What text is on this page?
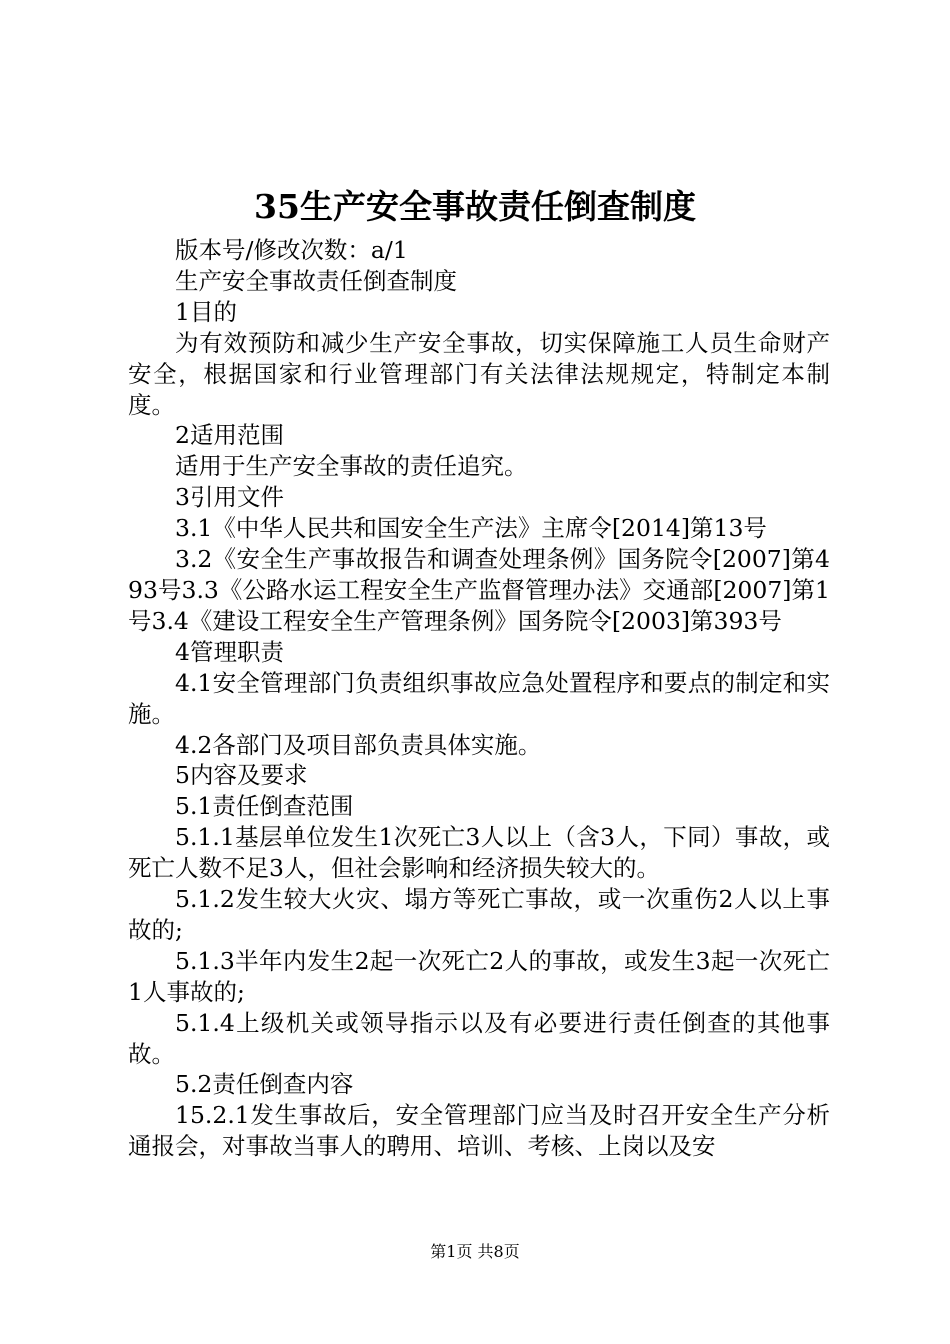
35生产安全事故责任倒查制度

版本号/修改次数：a/1

生产安全事故责任倒查制度

1目的

为有效预防和减少生产安全事故，切实保障施工人员生命财产安全，根据国家和行业管理部门有关法律法规规定，特制定本制度。

2适用范围

适用于生产安全事故的责任追究。

3引用文件

3.1《中华人民共和国安全生产法》主席令[2014]第13号

3.2《安全生产事故报告和调查处理条例》国务院令[2007]第493号3.3《公路水运工程安全生产监督管理办法》交通部[2007]第1号3.4《建设工程安全生产管理条例》国务院令[2003]第393号

4管理职责

4.1安全管理部门负责组织事故应急处置程序和要点的制定和实施。

4.2各部门及项目部负责具体实施。

5内容及要求

5.1责任倒查范围

5.1.1基层单位发生1次死亡3人以上（含3人，下同）事故，或死亡人数不足3人，但社会影响和经济损失较大的。

5.1.2发生较大火灾、塌方等死亡事故，或一次重伤2人以上事故的;

5.1.3半年内发生2起一次死亡2人的事故，或发生3起一次死亡1人事故的;

5.1.4上级机关或领导指示以及有必要进行责任倒查的其他事故。

5.2责任倒查内容

15.2.1发生事故后，安全管理部门应当及时召开安全生产分析通报会，对事故当事人的聘用、培训、考核、上岗以及安

第1页 共8页
